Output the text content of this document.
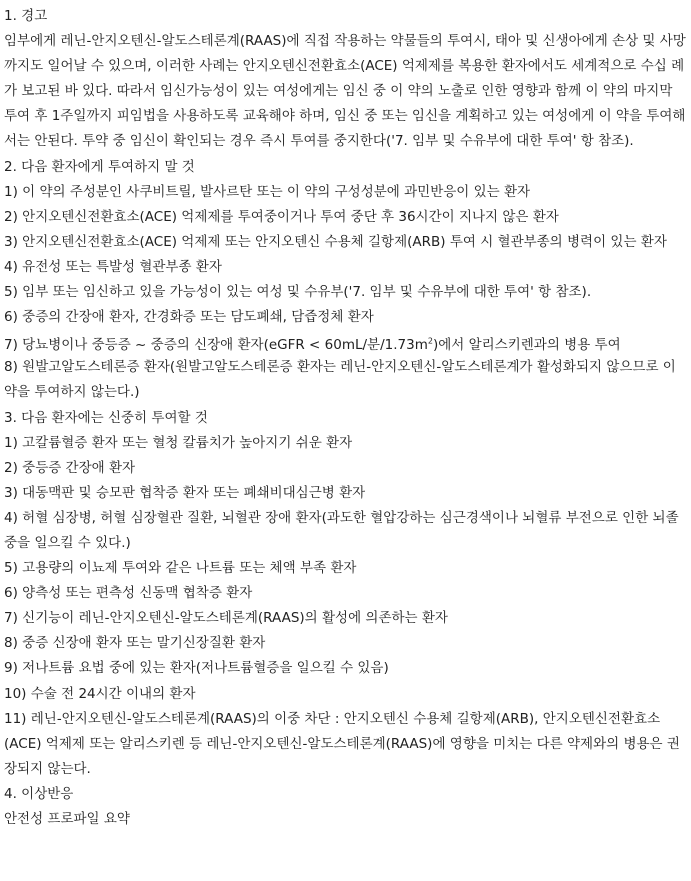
1. 경고

임부에게 레닌-안지오텐신-알도스테론계(RAAS)에 직접 작용하는 약물들의 투여시, 태아 및 신생아에게 손상 및 사망까지도 일어날 수 있으며, 이러한 사례는 안지오텐신전환효소(ACE) 억제제를 복용한 환자에서도 세계적으로 수십 례가 보고된 바 있다. 따라서 임신가능성이 있는 여성에게는 임신 중 이 약의 노출로 인한 영향과 함께 이 약의 마지막 투여 후 1주일까지 피임법을 사용하도록 교육해야 하며, 임신 중 또는 임신을 계획하고 있는 여성에게 이 약을 투여해서는 안된다. 투약 중 임신이 확인되는 경우 즉시 투여를 중지한다('7. 임부 및 수유부에 대한 투여' 항 참조).

2. 다음 환자에게 투여하지 말 것

1) 이 약의 주성분인 사쿠비트릴, 발사르탄 또는 이 약의 구성성분에 과민반응이 있는 환자

2) 안지오텐신전환효소(ACE) 억제제를 투여중이거나 투여 중단 후 36시간이 지나지 않은 환자

3) 안지오텐신전환효소(ACE) 억제제 또는 안지오텐신 수용체 길항제(ARB) 투여 시 혈관부종의 병력이 있는 환자

4) 유전성 또는 특발성 혈관부종 환자

5) 임부 또는 임신하고 있을 가능성이 있는 여성 및 수유부('7. 임부 및 수유부에 대한 투여' 항 참조).

6) 중증의 간장애 환자, 간경화증 또는 담도폐쇄, 담즙정체 환자

7) 당뇨병이나 중등증 ~ 중증의 신장애 환자(eGFR < 60mL/분$/1.73m^2$)에서 알리스키렌과의 병용 투여

8) 원발고알도스테론증 환자(원발고알도스테론증 환자는 레닌-안지오텐신-알도스테론계가 활성화되지 않으므로 이 약을 투여하지 않는다.)

3. 다음 환자에는 신중히 투여할 것

1) 고칼륨혈증 환자 또는 혈청 칼륨치가 높아지기 쉬운 환자

2) 중등증 간장애 환자

3) 대동맥판 및 승모판 협착증 환자 또는 폐쇄비대심근병 환자

4) 허혈 심장병, 허혈 심장혈관 질환, 뇌혈관 장애 환자(과도한 혈압강하는 심근경색이나 뇌혈류 부전으로 인한 뇌졸중을 일으킬 수 있다.)

5) 고용량의 이뇨제 투여와 같은 나트륨 또는 체액 부족 환자

6) 양측성 또는 편측성 신동맥 협착증 환자

7) 신기능이 레닌-안지오텐신-알도스테론계(RAAS)의 활성에 의존하는 환자

8) 중증 신장애 환자 또는 말기신장질환 환자

9) 저나트륨 요법 중에 있는 환자(저나트륨혈증을 일으킬 수 있음)

10) 수술 전 24시간 이내의 환자

11) 레닌-안지오텐신-알도스테론계(RAAS)의 이중 차단 : 안지오텐신 수용체 길항제(ARB), 안지오텐신전환효소(ACE) 억제제 또는 알리스키렌 등 레닌-안지오텐신-알도스테론계(RAAS)에 영향을 미치는 다른 약제와의 병용은 권장되지 않는다.

4. 이상반응

안전성 프로파일 요약
